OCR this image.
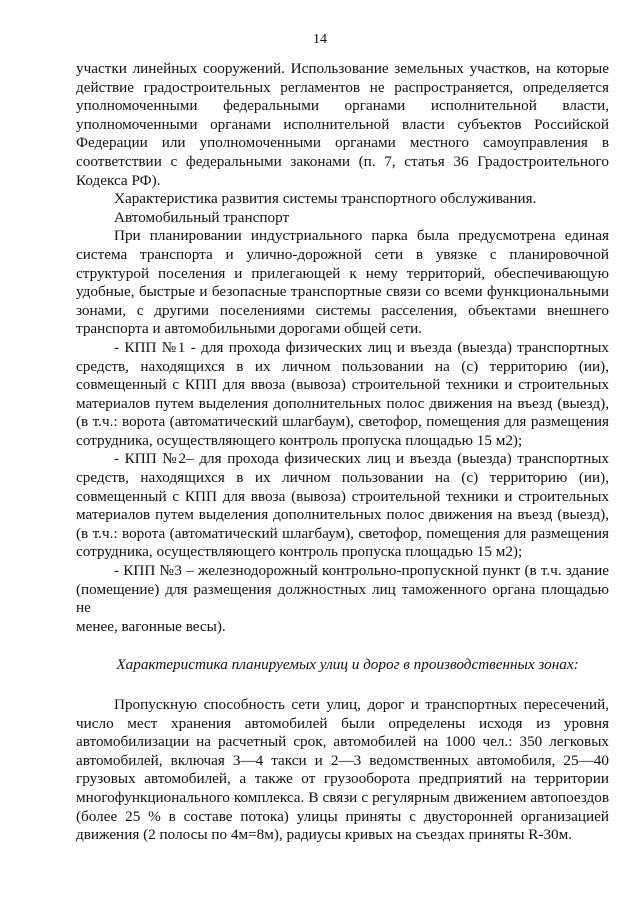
14
участки линейных сооружений. Использование земельных участков, на которые
действие градостроительных регламентов не распространяется, определяется
уполномоченными федеральными органами исполнительной власти,
уполномоченными органами исполнительной власти субъектов Российской
Федерации или уполномоченными органами местного самоуправления в
соответствии с федеральными законами (п. 7, статья 36 Градостроительного
Кодекса РФ).
Характеристика развития системы транспортного обслуживания.
Автомобильный транспорт
При планировании индустриального парка была предусмотрена единая
система транспорта и улично-дорожной сети в увязке с планировочной
структурой поселения и прилегающей к нему территорий, обеспечивающую
удобные, быстрые и безопасные транспортные связи со всеми функциональными
зонами, с другими поселениями системы расселения, объектами внешнего
транспорта и автомобильными дорогами общей сети.
- КПП №1 - для прохода физических лиц и въезда (выезда) транспортных
средств, находящихся в их личном пользовании на (с) территорию (ии),
совмещенный с КПП для ввоза (вывоза) строительной техники и строительных
материалов путем выделения дополнительных полос движения на въезд (выезд),
(в т.ч.: ворота (автоматический шлагбаум), светофор, помещения для размещения
сотрудника, осуществляющего контроль пропуска площадью 15 м2);
- КПП №2– для прохода физических лиц и въезда (выезда) транспортных
средств, находящихся в их личном пользовании на (с) территорию (ии),
совмещенный с КПП для ввоза (вывоза) строительной техники и строительных
материалов путем выделения дополнительных полос движения на въезд (выезд),
(в т.ч.: ворота (автоматический шлагбаум), светофор, помещения для размещения
сотрудника, осуществляющего контроль пропуска площадью 15 м2);
- КПП №3 – железнодорожный контрольно-пропускной пункт (в т.ч. здание
(помещение) для размещения должностных лиц таможенного органа площадью не
менее, вагонные весы).
Характеристика планируемых улиц и дорог в производственных зонах:
Пропускную способность сети улиц, дорог и транспортных пересечений,
число мест хранения автомобилей были определены исходя из уровня
автомобилизации на расчетный срок, автомобилей на 1000 чел.: 350 легковых
автомобилей, включая 3—4 такси и 2—3 ведомственных автомобиля, 25—40
грузовых автомобилей, а также от грузооборота предприятий на территории
многофункционального комплекса. В связи с регулярным движением автопоездов
(более 25 % в составе потока) улицы приняты с двусторонней организацией
движения (2 полосы по 4м=8м), радиусы кривых на съездах приняты R-30м.
